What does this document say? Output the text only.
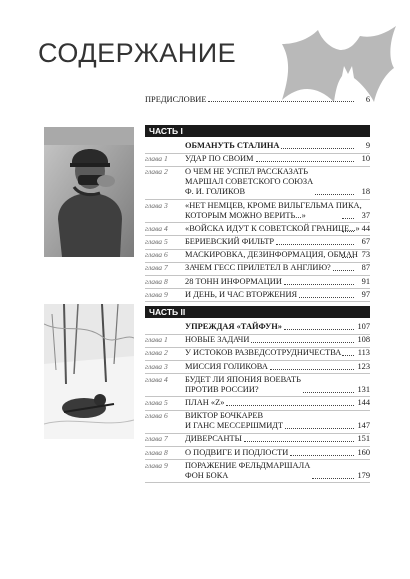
СОДЕРЖАНИЕ
ПРЕДИСЛОВИЕ	6
ЧАСТЬ I
ЧАСТЬ II
ОБМАНУТЬ СТАЛИНА	9
глава 1	УДАР ПО СВОИМ	10
глава 2	О ЧЕМ НЕ УСПЕЛ РАССКАЗАТЬ
МАРШАЛ СОВЕТСКОГО СОЮЗА
Ф. И. ГОЛИКОВ	18
глава 3	«НЕТ НЕМЦЕВ, КРОМЕ ВИЛЬГЕЛЬМА ПИКА,
КОТОРЫМ МОЖНО ВЕРИТЬ...»	37
глава 4	«ВОЙСКА ИДУТ К СОВЕТСКОЙ ГРАНИЦЕ...» 44
глава 5	БЕРИЕВСКИЙ ФИЛЬТР	67
глава 6	МАСКИРОВКА, ДЕЗИНФОРМАЦИЯ, ОБМАН 73
глава 7	ЗАЧЕМ ГЕСС ПРИЛЕТЕЛ В АНГЛИЮ?	87
глава 8	28 ТОНН ИНФОРМАЦИИ	91
глава 9	И ДЕНЬ, И ЧАС ВТОРЖЕНИЯ	97
УПРЕЖДАЯ «ТАЙФУН»	107
глава 1	НОВЫЕ ЗАДАЧИ	108
глава 2	У ИСТОКОВ РАЗВЕДСОТРУДНИЧЕСТВА 113
глава 3	МИССИЯ ГОЛИКОВА	123
глава 4	БУДЕТ ЛИ ЯПОНИЯ ВОЕВАТЬ
ПРОТИВ РОССИИ?	131
глава 5	ПЛАН «Z»	144
глава 6	ВИКТОР БОЧКАРЕВ
И ГАНС МЕССЕРШМИДТ	147
глава 7	ДИВЕРСАНТЫ	151
глава 8	О ПОДВИГЕ И ПОДЛОСТИ	160
глава 9	ПОРАЖЕНИЕ ФЕЛЬДМАРШАЛА
ФОН БОКА	179
